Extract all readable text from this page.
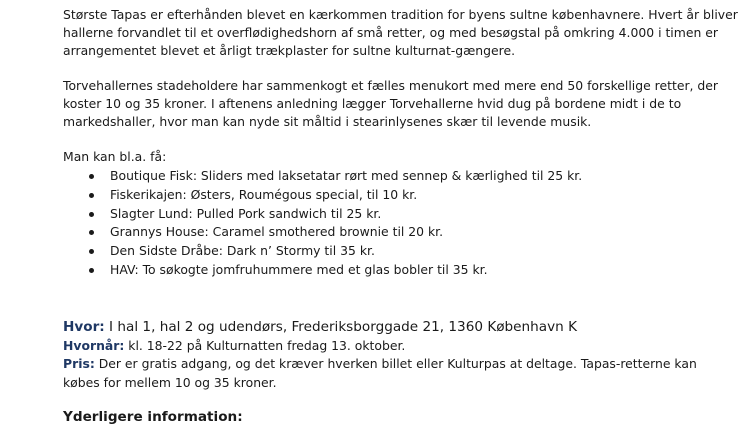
Største Tapas er efterhånden blevet en kærkommen tradition for byens sultne københavnere. Hvert år bliver hallerne forvandlet til et overflødighedshorn af små retter, og med besøgstal på omkring 4.000 i timen er arrangementet blevet et årligt trækplaster for sultne kulturnat-gængere.

Torvehallernes stadeholdere har sammenkogt et fælles menukort med mere end 50 forskellige retter, der koster 10 og 35 kroner. I aftenens anledning lægger Torvehallerne hvid dug på bordene midt i de to markedshaller, hvor man kan nyde sit måltid i stearinlysenes skær til levende musik.

Man kan bl.a. få:

Boutique Fisk: Sliders med laksetatar rørt med sennep & kærlighed til 25 kr.
Fiskerikajen: Østers, Roumégous special, til 10 kr.
Slagter Lund: Pulled Pork sandwich til 25 kr.
Grannys House: Caramel smothered brownie til 20 kr.
Den Sidste Dråbe: Dark n’ Stormy til 35 kr.
HAV: To søkogte jomfruhummere med et glas bobler til 35 kr.

Hvor: I hal 1, hal 2 og udendørs, Frederiksborggade 21, 1360 København K

Hvornår: kl. 18-22 på Kulturnatten fredag 13. oktober.

Pris: Der er gratis adgang, og det kræver hverken billet eller Kulturpas at deltage. Tapas-retterne kan købes for mellem 10 og 35 kroner.

Yderligere information:
